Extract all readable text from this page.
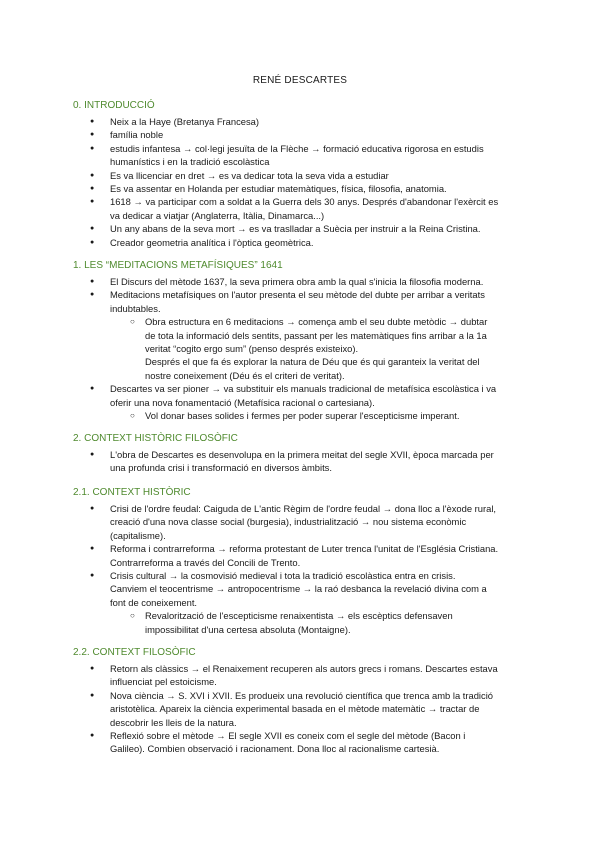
RENÉ DESCARTES
0. INTRODUCCIÓ
● Neix a la Haye (Bretanya Francesa)
● família noble
● estudis infantesa → col·legi jesuïta de la Flèche → formació educativa rigorosa en estudis
humanístics i en la tradició escolàstica
● Es va llicenciar en dret → es va dedicar tota la seva vida a estudiar
● Es va assentar en Holanda per estudiar matemàtiques, física, filosofia, anatomia.
● 1618 → va participar com a soldat a la Guerra dels 30 anys. Després d'abandonar l'exèrcit es
va dedicar a viatjar (Anglaterra, Itàlia, Dinamarca...)
● Un any abans de la seva mort → es va traslladar a Suècia per instruir a la Reina Cristina.
● Creador geometria analítica i l'òptica geomètrica.
1. LES “MEDITACIONS METAFÍSIQUES” 1641
● El Discurs del mètode 1637, la seva primera obra amb la qual s'inicia la filosofia moderna.
● Meditacions metafísiques on l'autor presenta el seu mètode del dubte per arribar a veritats
indubtables.
○ Obra estructura en 6 meditacions → comença amb el seu dubte metòdic → dubtar
de tota la informació dels sentits, passant per les matemàtiques fins arribar a la 1a
veritat “cogito ergo sum” (penso després existeixo).
Després el que fa és explorar la natura de Déu que és qui garanteix la veritat del
nostre coneixement (Déu és el criteri de veritat).
● Descartes va ser pioner → va substituir els manuals tradicional de metafísica escolàstica i va
oferir una nova fonamentació (Metafísica racional o cartesiana).
○ Vol donar bases solides i fermes per poder superar l'escepticisme imperant.
2. CONTEXT HISTÒRIC FILOSÒFIC
● L'obra de Descartes es desenvolupa en la primera meitat del segle XVII, època marcada per
una profunda crisi i transformació en diversos àmbits.
2.1. CONTEXT HISTÒRIC
● Crisi de l'ordre feudal: Caiguda de L'antic Règim de l'ordre feudal → dona lloc a l'èxode rural,
creació d'una nova classe social (burgesia), industrialització → nou sistema econòmic
(capitalisme).
● Reforma i contrarreforma → reforma protestant de Luter trenca l'unitat de l'Església Cristiana.
Contrarreforma a través del Concili de Trento.
● Crisis cultural → la cosmovisió medieval i tota la tradició escolàstica entra en crisis.
Canviem el teocentrisme → antropocentrisme → la raó desbanca la revelació divina com a
font de coneixement.
○ Revalorització de l'escepticisme renaixentista → els escèptics defensaven
impossibilitat d'una certesa absoluta (Montaigne).
2.2. CONTEXT FILOSÒFIC
● Retorn als clàssics → el Renaixement recuperen als autors grecs i romans. Descartes estava
influenciat pel estoicisme.
● Nova ciència → S. XVI i XVII. Es produeix una revolució científica que trenca amb la tradició
aristotèlica. Apareix la ciència experimental basada en el mètode matemàtic → tractar de
descobrir les lleis de la natura.
● Reflexió sobre el mètode → El segle XVII es coneix com el segle del mètode (Bacon i
Galileo). Combien observació i racionament. Dona lloc al racionalisme cartesià.
